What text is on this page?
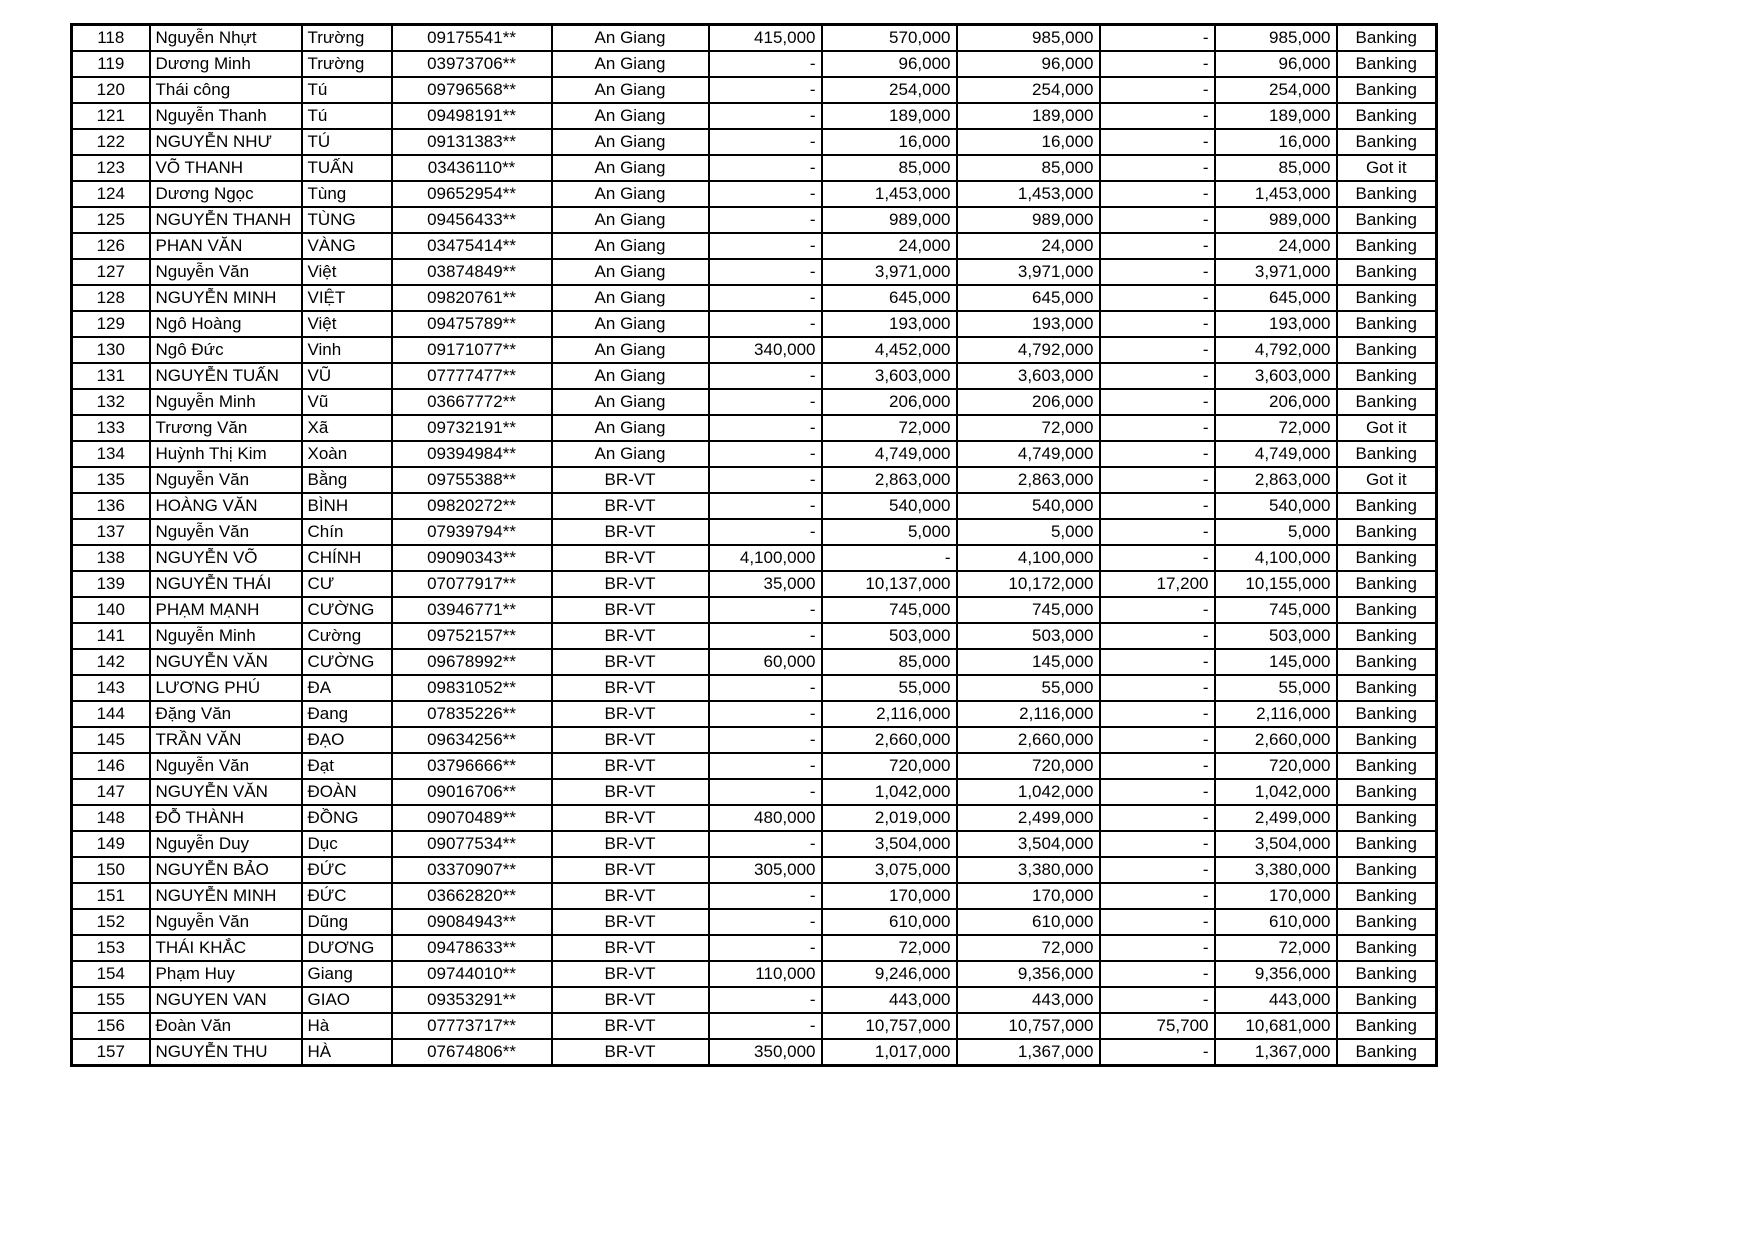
118	Nguyễn Nhựt	Trường	09175541**	An Giang	415,000	570,000	985,000	-	985,000	Banking
119	Dương Minh	Trường	03973706**	An Giang	-	96,000	96,000	-	96,000	Banking
120	Thái công	Tú	09796568**	An Giang	-	254,000	254,000	-	254,000	Banking
121	Nguyễn Thanh	Tú	09498191**	An Giang	-	189,000	189,000	-	189,000	Banking
122	NGUYỄN NHƯ	TÚ	09131383**	An Giang	-	16,000	16,000	-	16,000	Banking
123	VÕ THANH	TUẤN	03436110**	An Giang	-	85,000	85,000	-	85,000	Got it
124	Dương Ngọc	Tùng	09652954**	An Giang	-	1,453,000	1,453,000	-	1,453,000	Banking
125	NGUYỄN THANH	TÙNG	09456433**	An Giang	-	989,000	989,000	-	989,000	Banking
126	PHAN VĂN	VÀNG	03475414**	An Giang	-	24,000	24,000	-	24,000	Banking
127	Nguyễn Văn	Việt	03874849**	An Giang	-	3,971,000	3,971,000	-	3,971,000	Banking
128	NGUYỄN MINH	VIỆT	09820761**	An Giang	-	645,000	645,000	-	645,000	Banking
129	Ngô Hoàng	Việt	09475789**	An Giang	-	193,000	193,000	-	193,000	Banking
130	Ngô Đức	Vinh	09171077**	An Giang	340,000	4,452,000	4,792,000	-	4,792,000	Banking
131	NGUYỄN TUẤN	VŨ	07777477**	An Giang	-	3,603,000	3,603,000	-	3,603,000	Banking
132	Nguyễn Minh	Vũ	03667772**	An Giang	-	206,000	206,000	-	206,000	Banking
133	Trương Văn	Xã	09732191**	An Giang	-	72,000	72,000	-	72,000	Got it
134	Huỳnh Thị Kim	Xoàn	09394984**	An Giang	-	4,749,000	4,749,000	-	4,749,000	Banking
135	Nguyễn Văn	Bằng	09755388**	BR-VT	-	2,863,000	2,863,000	-	2,863,000	Got it
136	HOÀNG VĂN	BÌNH	09820272**	BR-VT	-	540,000	540,000	-	540,000	Banking
137	Nguyễn Văn	Chín	07939794**	BR-VT	-	5,000	5,000	-	5,000	Banking
138	NGUYỄN VÕ	CHÍNH	09090343**	BR-VT	4,100,000	-	4,100,000	-	4,100,000	Banking
139	NGUYỄN THÁI	CƯ	07077917**	BR-VT	35,000	10,137,000	10,172,000	17,200	10,155,000	Banking
140	PHẠM MẠNH	CƯỜNG	03946771**	BR-VT	-	745,000	745,000	-	745,000	Banking
141	Nguyễn Minh	Cường	09752157**	BR-VT	-	503,000	503,000	-	503,000	Banking
142	NGUYỄN VĂN	CƯỜNG	09678992**	BR-VT	60,000	85,000	145,000	-	145,000	Banking
143	LƯƠNG PHÚ	ĐA	09831052**	BR-VT	-	55,000	55,000	-	55,000	Banking
144	Đặng Văn	Đang	07835226**	BR-VT	-	2,116,000	2,116,000	-	2,116,000	Banking
145	TRẦN VĂN	ĐẠO	09634256**	BR-VT	-	2,660,000	2,660,000	-	2,660,000	Banking
146	Nguyễn Văn	Đạt	03796666**	BR-VT	-	720,000	720,000	-	720,000	Banking
147	NGUYỄN VĂN	ĐOÀN	09016706**	BR-VT	-	1,042,000	1,042,000	-	1,042,000	Banking
148	ĐỖ THÀNH	ĐỒNG	09070489**	BR-VT	480,000	2,019,000	2,499,000	-	2,499,000	Banking
149	Nguyễn Duy	Dục	09077534**	BR-VT	-	3,504,000	3,504,000	-	3,504,000	Banking
150	NGUYỄN BẢO	ĐỨC	03370907**	BR-VT	305,000	3,075,000	3,380,000	-	3,380,000	Banking
151	NGUYỄN MINH	ĐỨC	03662820**	BR-VT	-	170,000	170,000	-	170,000	Banking
152	Nguyễn Văn	Dũng	09084943**	BR-VT	-	610,000	610,000	-	610,000	Banking
153	THÁI KHẮC	DƯƠNG	09478633**	BR-VT	-	72,000	72,000	-	72,000	Banking
154	Phạm Huy	Giang	09744010**	BR-VT	110,000	9,246,000	9,356,000	-	9,356,000	Banking
155	NGUYEN VAN	GIAO	09353291**	BR-VT	-	443,000	443,000	-	443,000	Banking
156	Đoàn Văn	Hà	07773717**	BR-VT	-	10,757,000	10,757,000	75,700	10,681,000	Banking
157	NGUYỄN THU	HÀ	07674806**	BR-VT	350,000	1,017,000	1,367,000	-	1,367,000	Banking
